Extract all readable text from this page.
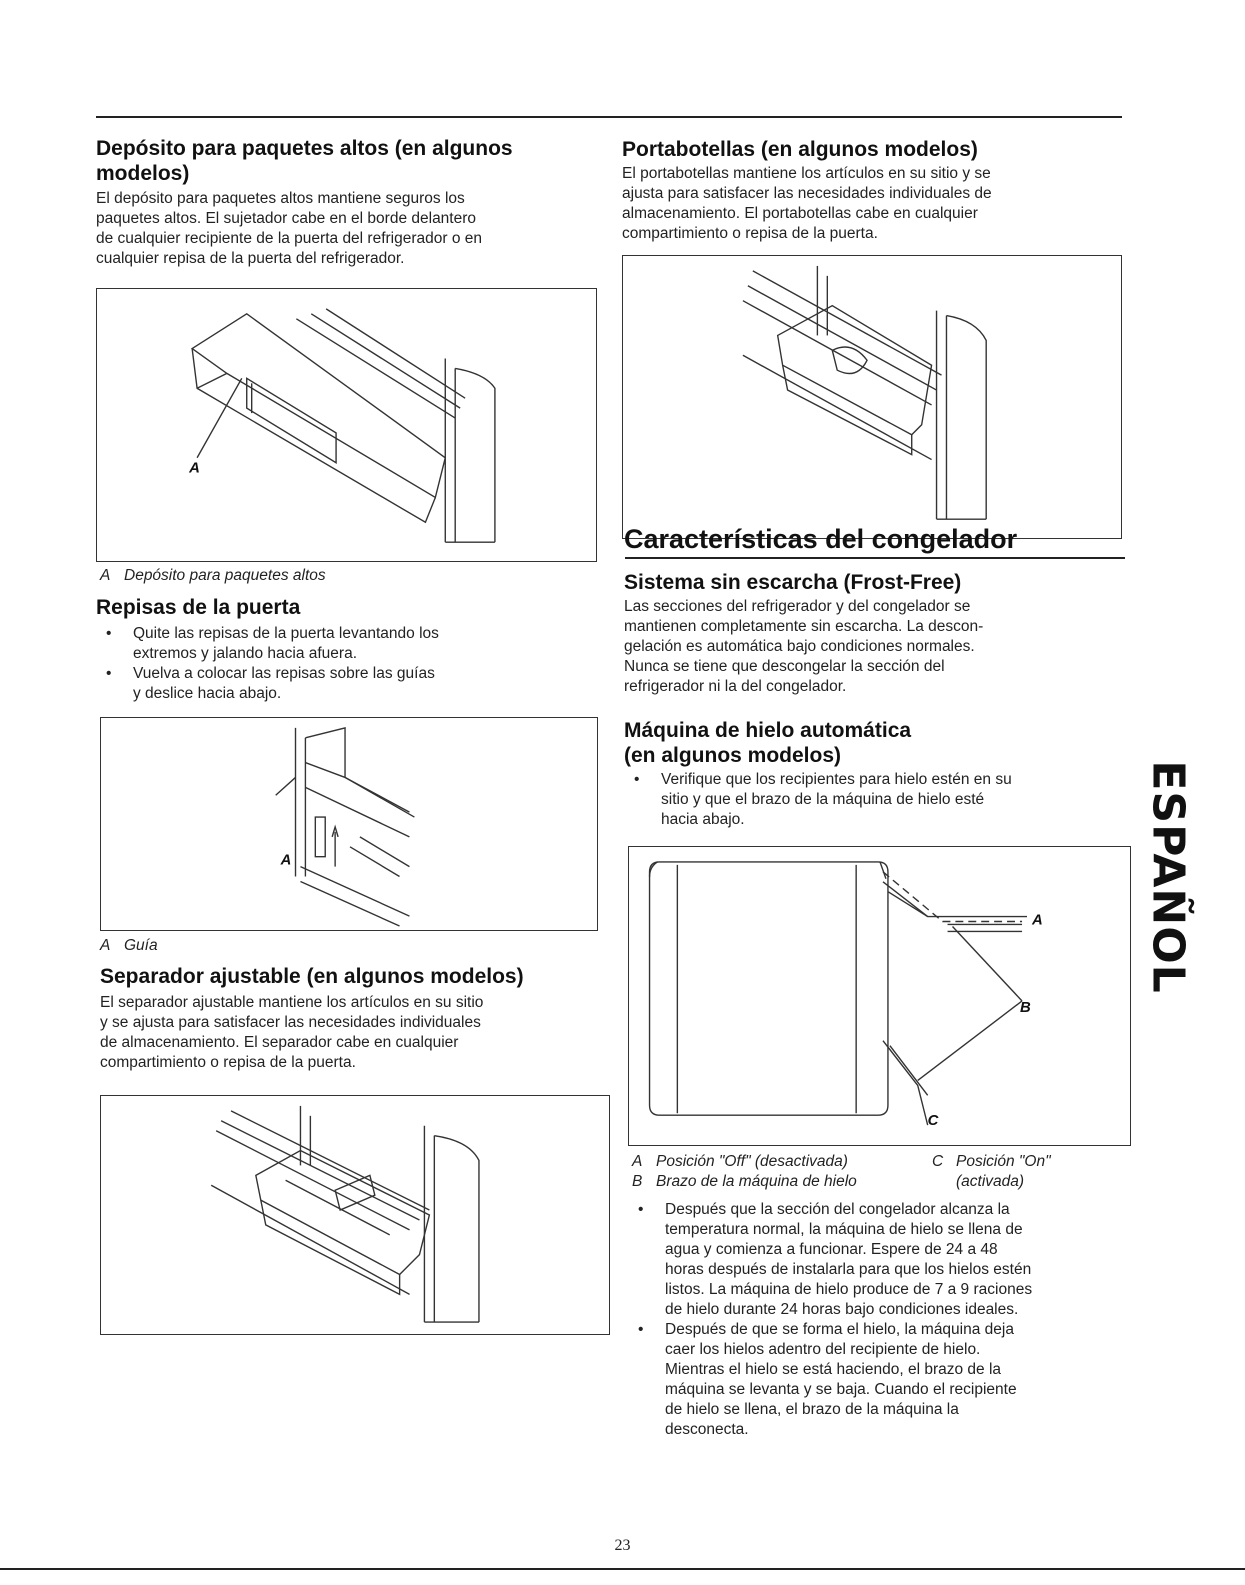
Depósito para paquetes altos (en algunos
modelos)

El depósito para paquetes altos mantiene seguros los

paquetes altos. El sujetador cabe en el borde delantero

de cualquier recipiente de la puerta del refrigerador o en

cualquier repisa de la puerta del refrigerador.

A
A Depósito para paquetes altos
Repisas de la puerta
• Quite las repisas de la puerta levantando los
extremos y jalando hacia afuera.
• Vuelva a colocar las repisas sobre las guías
y deslice hacia abajo.
A
A Guía
Separador ajustable (en algunos modelos)

El separador ajustable mantiene los artículos en su sitio

y se ajusta para satisfacer las necesidades individuales

de almacenamiento. El separador cabe en cualquier

compartimiento o repisa de la puerta.

Portabotellas (en algunos modelos)

El portabotellas mantiene los artículos en su sitio y se

ajusta para satisfacer las necesidades individuales de

almacenamiento. El portabotellas cabe en cualquier

compartimiento o repisa de la puerta.

Características del congelador
Sistema sin escarcha (Frost-Free)

Las secciones del refrigerador y del congelador se

mantienen completamente sin escarcha. La descon-

gelación es automática bajo condiciones normales.

Nunca se tiene que descongelar la sección del

refrigerador ni la del congelador.

Máquina de hielo automática
(en algunos modelos)
• Verifique que los recipientes para hielo estén en su
sitio y que el brazo de la máquina de hielo esté
hacia abajo.
A
B
C
A Posición "Off" (desactivada)	C Posición "On"
B Brazo de la máquina de hielo	(activada)
• Después que la sección del congelador alcanza la
temperatura normal, la máquina de hielo se llena de
agua y comienza a funcionar. Espere de 24 a 48
horas después de instalarla para que los hielos estén
listos. La máquina de hielo produce de 7 a 9 raciones
de hielo durante 24 horas bajo condiciones ideales.
• Después de que se forma el hielo, la máquina deja
caer los hielos adentro del recipiente de hielo.
Mientras el hielo se está haciendo, el brazo de la
máquina se levanta y se baja. Cuando el recipiente
de hielo se llena, el brazo de la máquina la
desconecta.
ESPAÑOL
23
